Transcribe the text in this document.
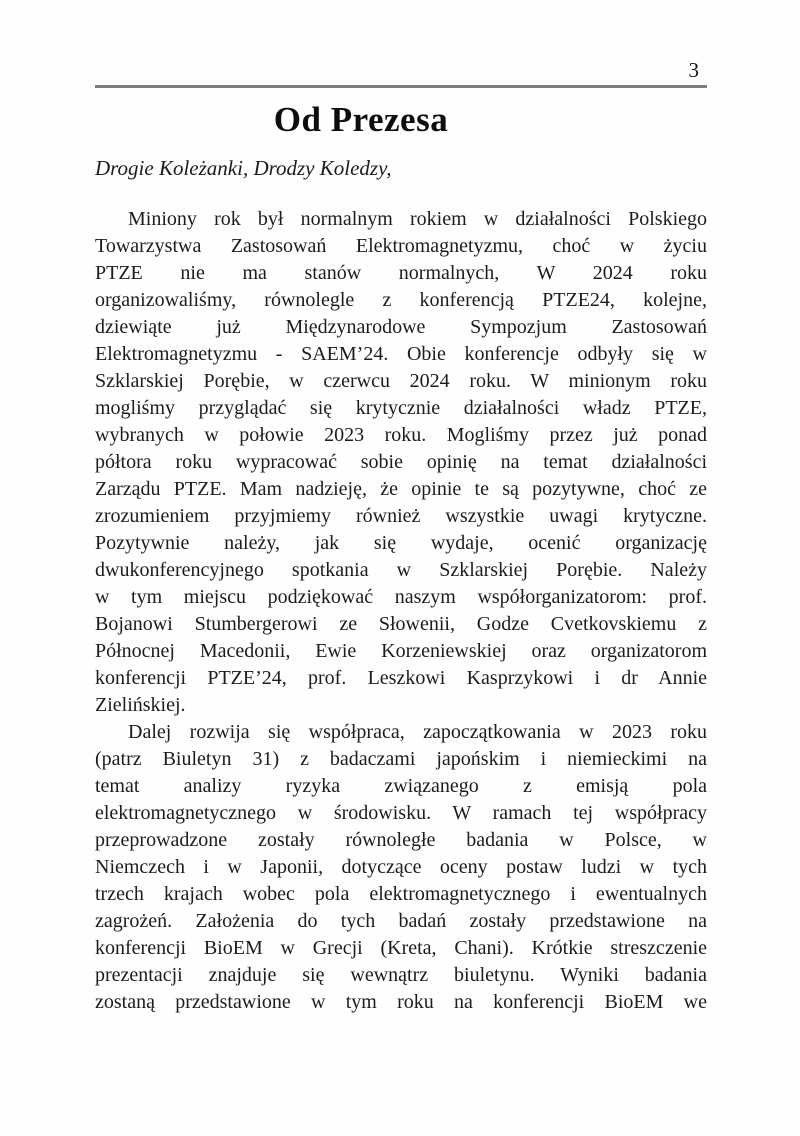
3
Od Prezesa
Drogie Koleżanki, Drodzy Koledzy,
Miniony rok był normalnym rokiem w działalności Polskiego
Towarzystwa Zastosowań Elektromagnetyzmu, choć w życiu
PTZE nie ma stanów normalnych, W 2024 roku
organizowaliśmy, równolegle z konferencją PTZE24, kolejne,
dziewiąte już Międzynarodowe Sympozjum Zastosowań
Elektromagnetyzmu - SAEM’24. Obie konferencje odbyły się w
Szklarskiej Porębie, w czerwcu 2024 roku. W minionym roku
mogliśmy przyglądać się krytycznie działalności władz PTZE,
wybranych w połowie 2023 roku. Mogliśmy przez już ponad
półtora roku wypracować sobie opinię na temat działalności
Zarządu PTZE. Mam nadzieję, że opinie te są pozytywne, choć ze
zrozumieniem przyjmiemy również wszystkie uwagi krytyczne.
Pozytywnie należy, jak się wydaje, ocenić organizację
dwukonferencyjnego spotkania w Szklarskiej Porębie. Należy
w tym miejscu podziękować naszym współorganizatorom: prof.
Bojanowi Stumbergerowi ze Słowenii, Godze Cvetkovskiemu z
Północnej Macedonii, Ewie Korzeniewskiej oraz organizatorom
konferencji PTZE’24, prof. Leszkowi Kasprzykowi i dr Annie
Zielińskiej.
Dalej rozwija się współpraca, zapoczątkowania w 2023 roku
(patrz Biuletyn 31) z badaczami japońskim i niemieckimi na
temat analizy ryzyka związanego z emisją pola
elektromagnetycznego w środowisku. W ramach tej współpracy
przeprowadzone zostały równoległe badania w Polsce, w
Niemczech i w Japonii, dotyczące oceny postaw ludzi w tych
trzech krajach wobec pola elektromagnetycznego i ewentualnych
zagrożeń. Założenia do tych badań zostały przedstawione na
konferencji BioEM w Grecji (Kreta, Chani). Krótkie streszczenie
prezentacji znajduje się wewnątrz biuletynu. Wyniki badania
zostaną przedstawione w tym roku na konferencji BioEM we
